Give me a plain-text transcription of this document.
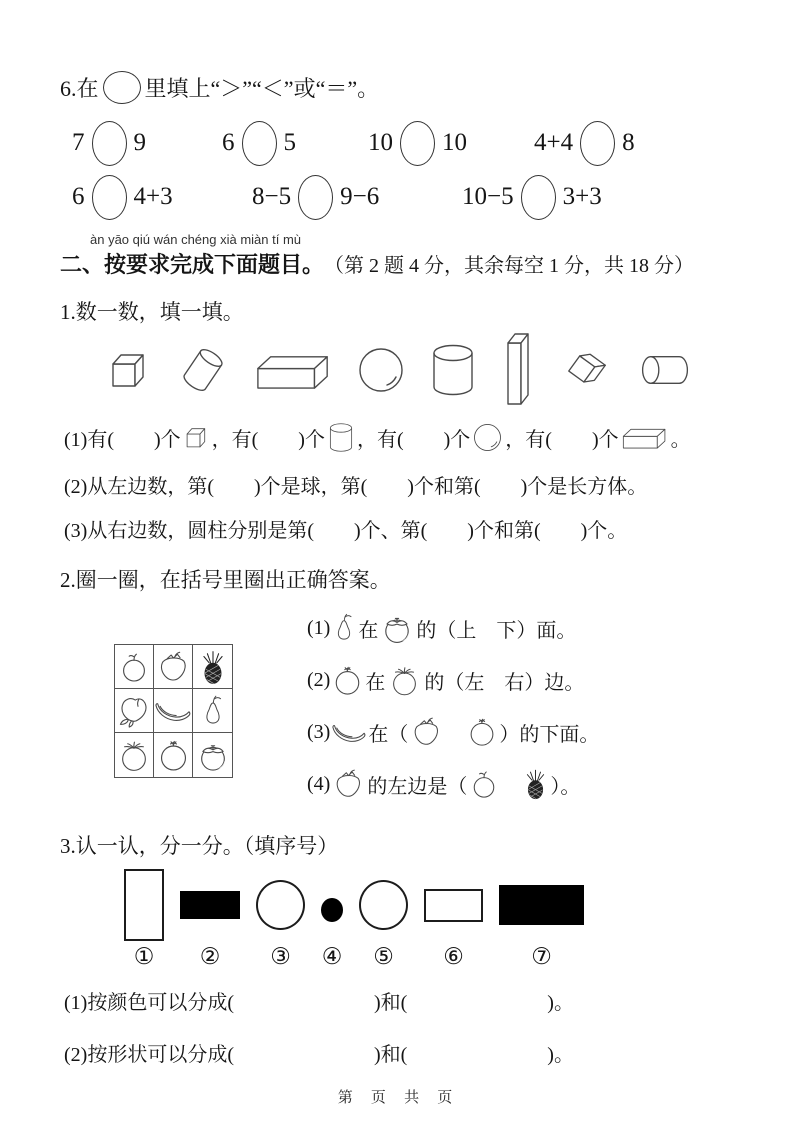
6.在 里填上“＞”“＜”或“＝”。
7 9	6 5	10 10	4+4 8
6 4+3	8−5 9−6	10−5 3+3
àn yāo qiú wán chéng xià miàn tí mù
二、按要求完成下面题目。 （第 2 题 4 分，其余每空 1 分，共 18 分）
1.数一数，填一填。
(1)有(　　)个 ，有(　　)个 ，有(　　)个 ，有(　　)个	。
(2)从左边数，第(　　)个是球，第(　　)个和第(　　)个是长方体。
(3)从右边数，圆柱分别是第(　　)个、第(　　)个和第(　　)个。
2.圈一圈，在括号里圈出正确答案。
(1) 在 的（上　下）面。
(2) 在 的（左　右）边。
(3) 在（
　	）的下面。
(4) 的左边是（
　	）。
3.认一认，分一分。（填序号）
① ② ③ ④ ⑤ ⑥	⑦
(1)按颜色可以分成(　　　　　　　)和(　　　　　　　)。
(2)按形状可以分成(　　　　　　　)和(　　　　　　　)。
第 页 共 页
